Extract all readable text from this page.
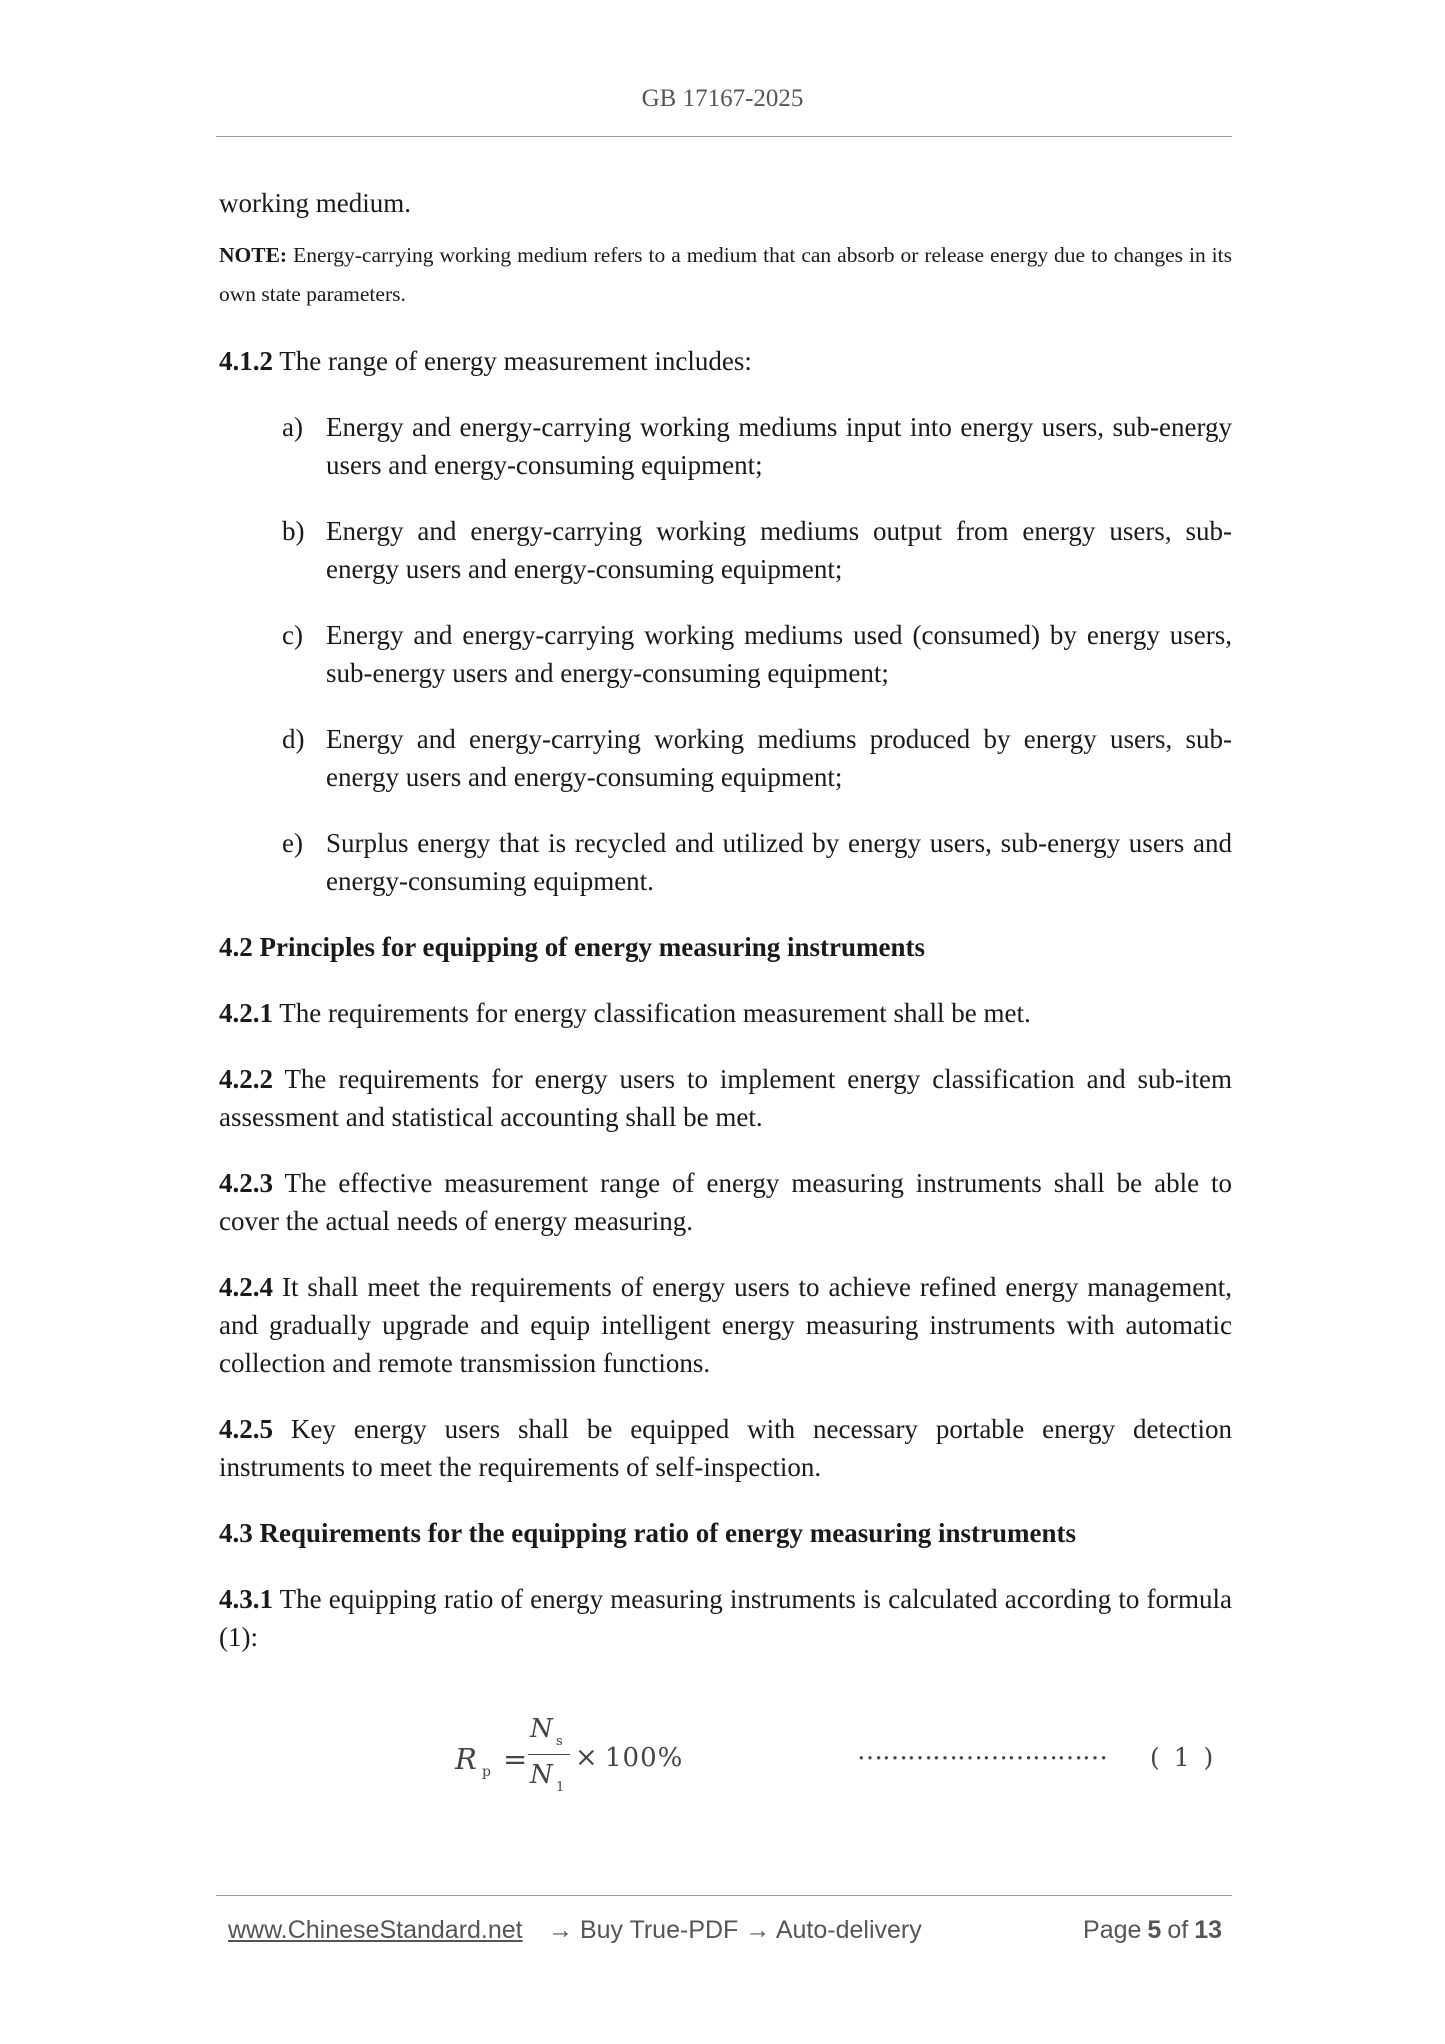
GB 17167-2025

working medium.

NOTE: Energy-carrying working medium refers to a medium that can absorb or release energy due to changes in its own state parameters.

4.1.2 The range of energy measurement includes:

a) Energy and energy-carrying working mediums input into energy users, sub-energy users and energy-consuming equipment;
b) Energy and energy-carrying working mediums output from energy users, sub-energy users and energy-consuming equipment;
c) Energy and energy-carrying working mediums used (consumed) by energy users, sub-energy users and energy-consuming equipment;
d) Energy and energy-carrying working mediums produced by energy users, sub-energy users and energy-consuming equipment;
e) Surplus energy that is recycled and utilized by energy users, sub-energy users and energy-consuming equipment.
4.2 Principles for equipping of energy measuring instruments

4.2.1 The requirements for energy classification measurement shall be met.

4.2.2 The requirements for energy users to implement energy classification and sub-item assessment and statistical accounting shall be met.

4.2.3 The effective measurement range of energy measuring instruments shall be able to cover the actual needs of energy measuring.

4.2.4 It shall meet the requirements of energy users to achieve refined energy management, and gradually upgrade and equip intelligent energy measuring instruments with automatic collection and remote transmission functions.

4.2.5 Key energy users shall be equipped with necessary portable energy detection instruments to meet the requirements of self-inspection.

4.3 Requirements for the equipping ratio of energy measuring instruments

4.3.1 The equipping ratio of energy measuring instruments is calculated according to formula (1):

R p =
N s
N 1
× 100%	………………………… ( 1 )
www.ChineseStandard.net → Buy True-PDF → Auto-delivery	Page 5 of 13
